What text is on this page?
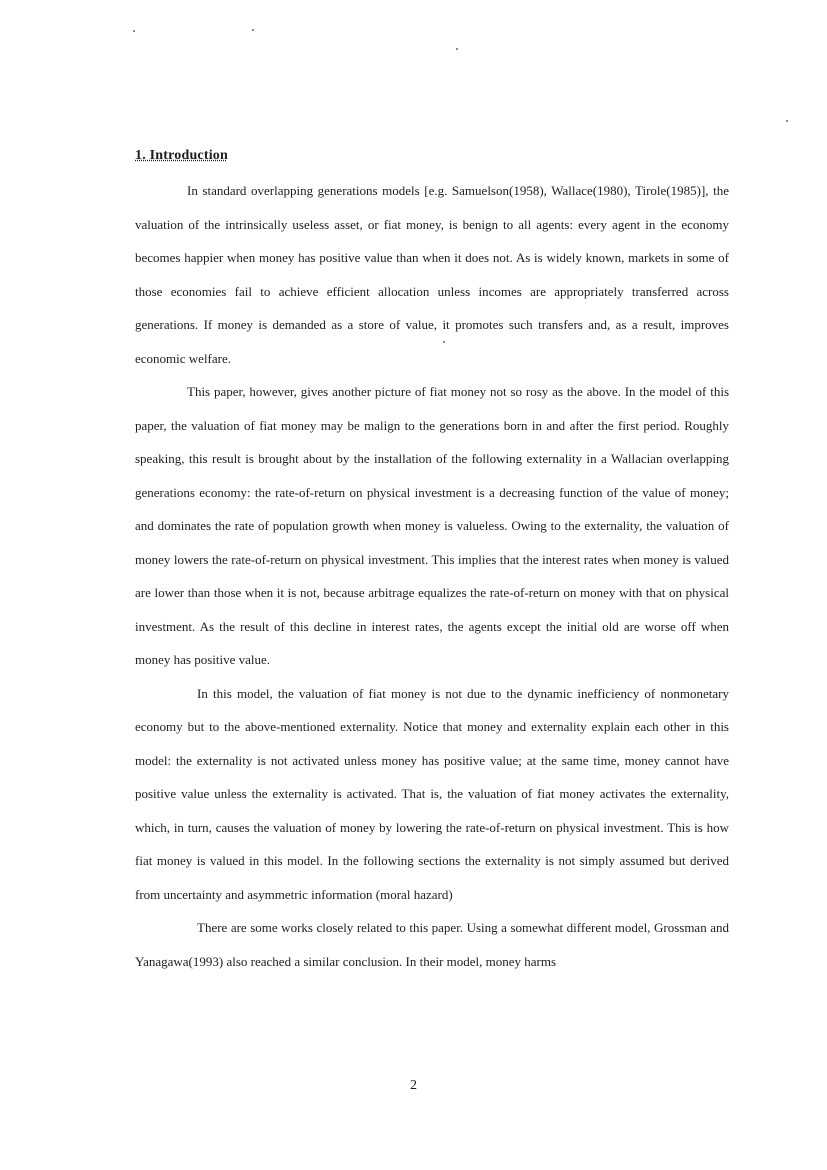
1. Introduction

In standard overlapping generations models [e.g. Samuelson(1958), Wallace(1980), Tirole(1985)], the valuation of the intrinsically useless asset, or fiat money, is benign to all agents: every agent in the economy becomes happier when money has positive value than when it does not. As is widely known, markets in some of those economies fail to achieve efficient allocation unless incomes are appropriately transferred across generations. If money is demanded as a store of value, it promotes such transfers and, as a result, improves economic welfare.

This paper, however, gives another picture of fiat money not so rosy as the above. In the model of this paper, the valuation of fiat money may be malign to the generations born in and after the first period. Roughly speaking, this result is brought about by the installation of the following externality in a Wallacian overlapping generations economy: the rate-of-return on physical investment is a decreasing function of the value of money; and dominates the rate of population growth when money is valueless. Owing to the externality, the valuation of money lowers the rate-of-return on physical investment. This implies that the interest rates when money is valued are lower than those when it is not, because arbitrage equalizes the rate-of-return on money with that on physical investment. As the result of this decline in interest rates, the agents except the initial old are worse off when money has positive value.

In this model, the valuation of fiat money is not due to the dynamic inefficiency of nonmonetary economy but to the above-mentioned externality. Notice that money and externality explain each other in this model: the externality is not activated unless money has positive value; at the same time, money cannot have positive value unless the externality is activated. That is, the valuation of fiat money activates the externality, which, in turn, causes the valuation of money by lowering the rate-of-return on physical investment. This is how fiat money is valued in this model. In the following sections the externality is not simply assumed but derived from uncertainty and asymmetric information (moral hazard)

There are some works closely related to this paper. Using a somewhat different model, Grossman and Yanagawa(1993) also reached a similar conclusion. In their model, money harms

2
